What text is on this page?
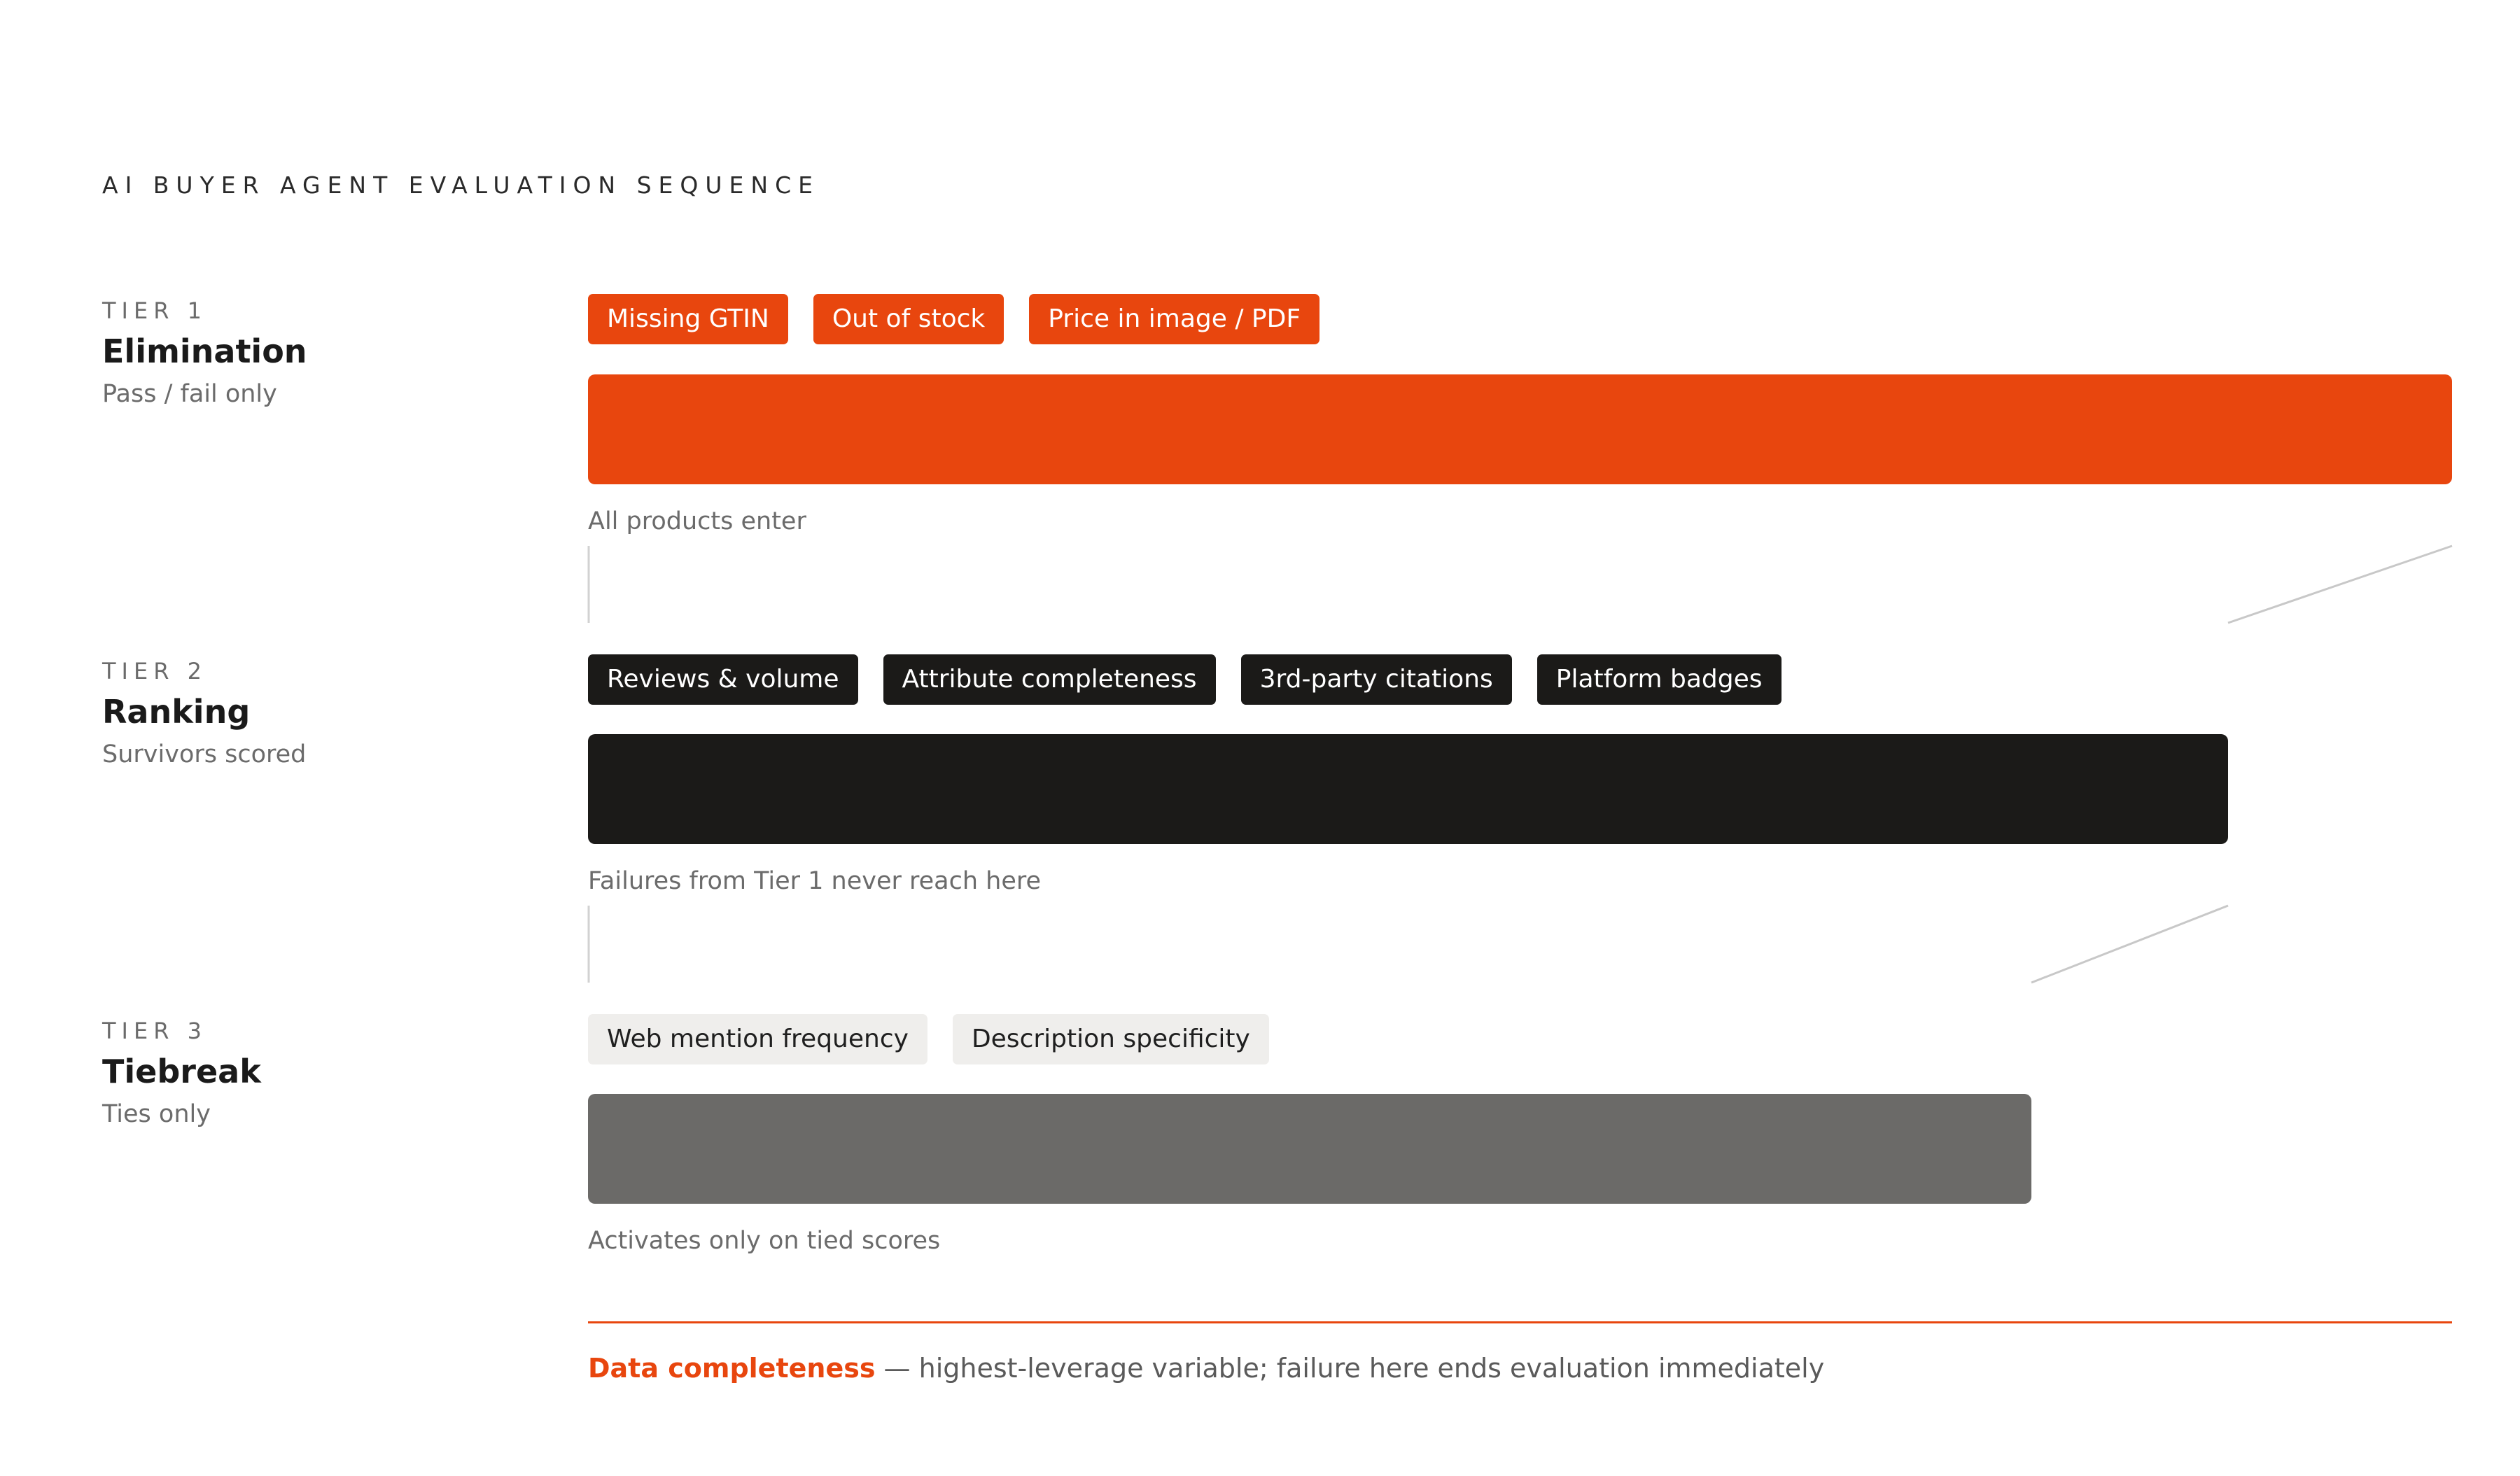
AI BUYER AGENT EVALUATION SEQUENCE
TIER 1
Elimination
Pass / fail only
Missing GTIN	Out of stock	Price in image / PDF
All products enter
TIER 2
Ranking
Survivors scored
Reviews & volume	Attribute completeness	3rd-party citations	Platform badges
Failures from Tier 1 never reach here
TIER 3
Tiebreak
Ties only
Web mention frequency	Description specificity
Activates only on tied scores
Data completeness — highest-leverage variable; failure here ends evaluation immediately
